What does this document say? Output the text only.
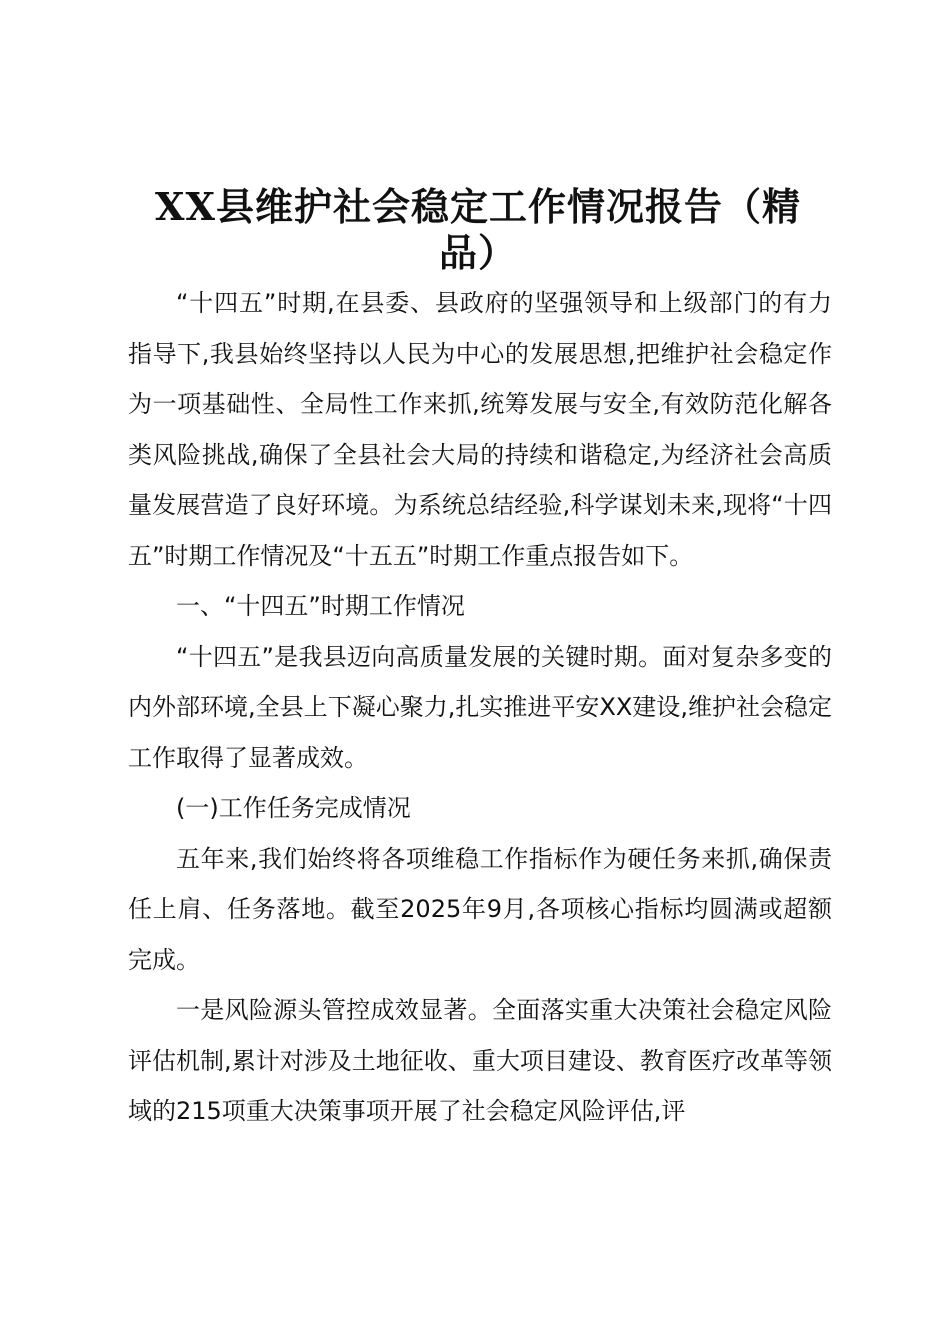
XX县维护社会稳定工作情况报告（精品）

“十四五”时期,在县委、县政府的坚强领导和上级部门的有力指导下,我县始终坚持以人民为中心的发展思想,把维护社会稳定作为一项基础性、全局性工作来抓,统筹发展与安全,有效防范化解各类风险挑战,确保了全县社会大局的持续和谐稳定,为经济社会高质量发展营造了良好环境。为系统总结经验,科学谋划未来,现将“十四五”时期工作情况及“十五五”时期工作重点报告如下。

一、“十四五”时期工作情况

“十四五”是我县迈向高质量发展的关键时期。面对复杂多变的内外部环境,全县上下凝心聚力,扎实推进平安XX建设,维护社会稳定工作取得了显著成效。

(一)工作任务完成情况

五年来,我们始终将各项维稳工作指标作为硬任务来抓,确保责任上肩、任务落地。截至2025年9月,各项核心指标均圆满或超额完成。

一是风险源头管控成效显著。全面落实重大决策社会稳定风险评估机制,累计对涉及土地征收、重大项目建设、教育医疗改革等领域的215项重大决策事项开展了社会稳定风险评估,评
